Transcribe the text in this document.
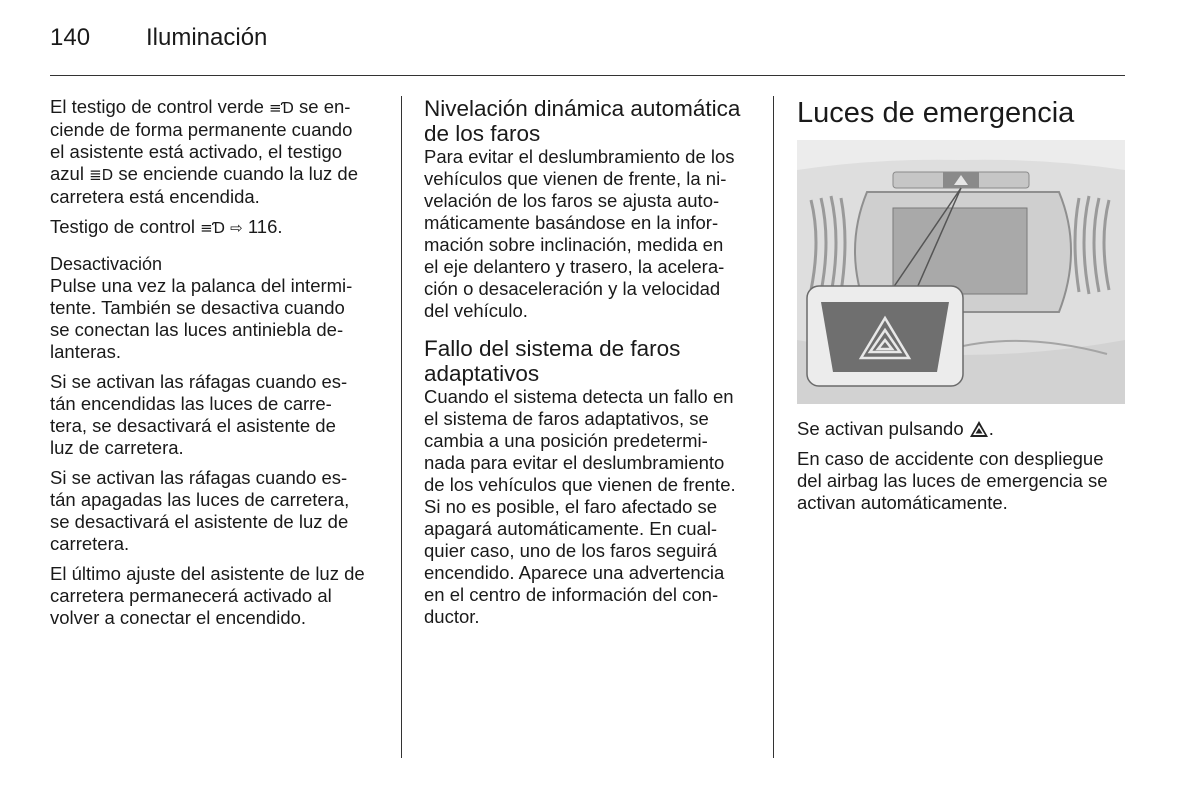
140 Iluminación

El testigo de control verde ≡Ɗ se en-
ciende de forma permanente cuando
el asistente está activado, el testigo
azul ≣D se enciende cuando la luz de
carretera está encendida.

Testigo de control ≡Ɗ ⇨ 116.

Desactivación

Pulse una vez la palanca del intermi-
tente. También se desactiva cuando
se conectan las luces antiniebla de-
lanteras.

Si se activan las ráfagas cuando es-
tán encendidas las luces de carre-
tera, se desactivará el asistente de
luz de carretera.

Si se activan las ráfagas cuando es-
tán apagadas las luces de carretera,
se desactivará el asistente de luz de
carretera.

El último ajuste del asistente de luz de
carretera permanecerá activado al
volver a conectar el encendido.

Nivelación dinámica automática
de los faros

Para evitar el deslumbramiento de los
vehículos que vienen de frente, la ni-
velación de los faros se ajusta auto-
máticamente basándose en la infor-
mación sobre inclinación, medida en
el eje delantero y trasero, la acelera-
ción o desaceleración y la velocidad
del vehículo.

Fallo del sistema de faros
adaptativos

Cuando el sistema detecta un fallo en
el sistema de faros adaptativos, se
cambia a una posición predetermi-
nada para evitar el deslumbramiento
de los vehículos que vienen de frente.
Si no es posible, el faro afectado se
apagará automáticamente. En cual-
quier caso, uno de los faros seguirá
encendido. Aparece una advertencia
en el centro de información del con-
ductor.

Luces de emergencia

Se activan pulsando .

En caso de accidente con despliegue
del airbag las luces de emergencia se
activan automáticamente.
